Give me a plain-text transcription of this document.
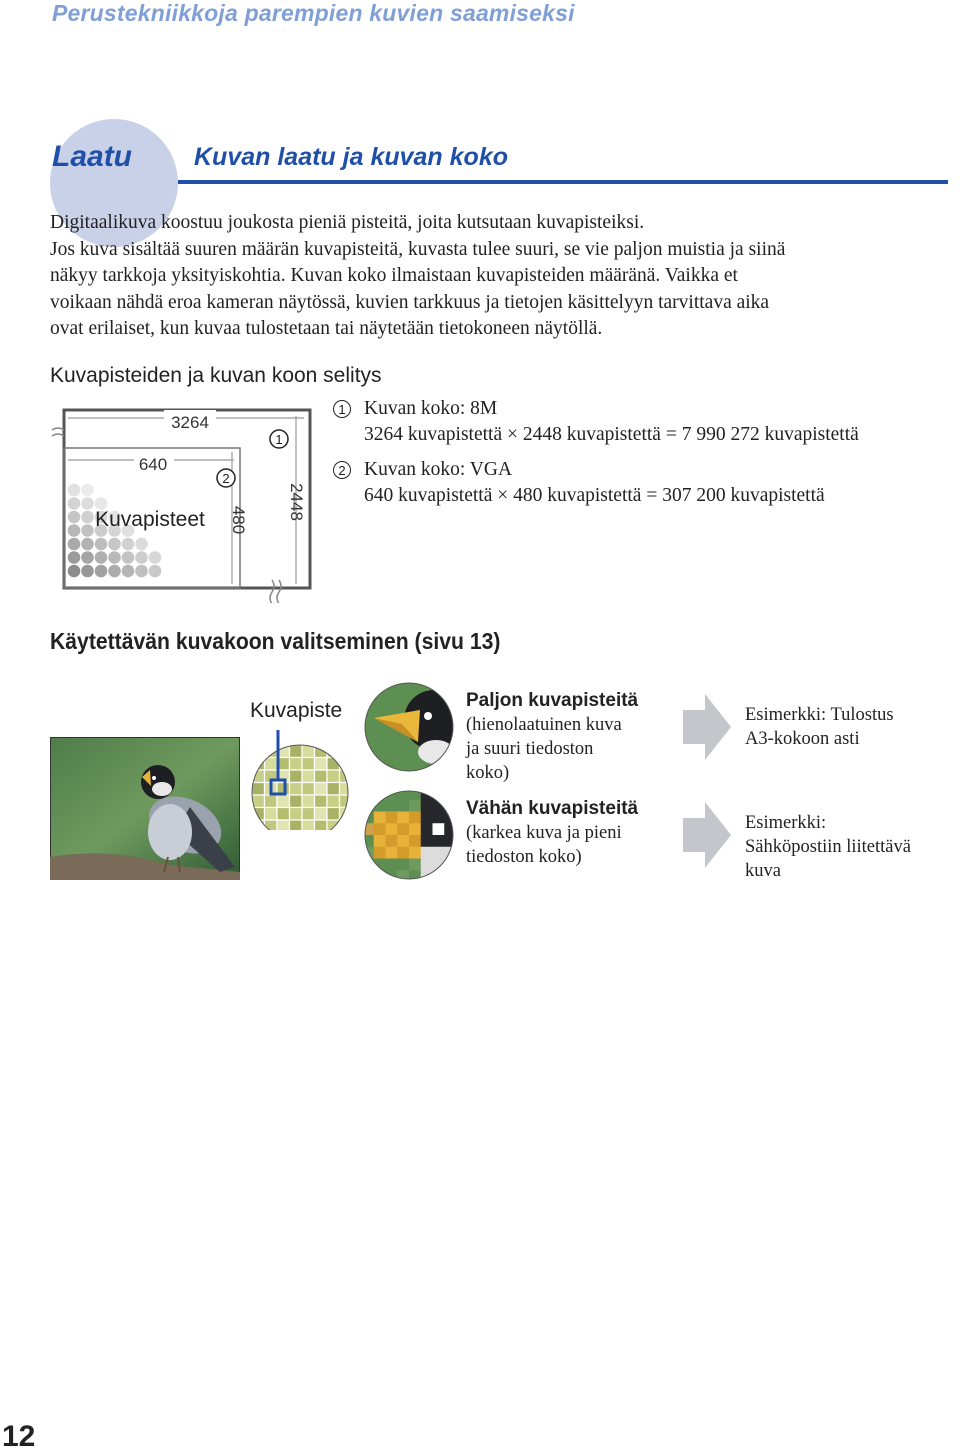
Perustekniikkoja parempien kuvien saamiseksi
Laatu Kuvan laatu ja kuvan koko

Digitaalikuva koostuu joukosta pieniä pisteitä, joita kutsutaan kuvapisteiksi.

Jos kuva sisältää suuren määrän kuvapisteitä, kuvasta tulee suuri, se vie paljon muistia ja siinä

näkyy tarkkoja yksityiskohtia. Kuvan koko ilmaistaan kuvapisteiden määränä. Vaikka et

voikaan nähdä eroa kameran näytössä, kuvien tarkkuus ja tietojen käsittelyyn tarvittava aika

ovat erilaiset, kun kuvaa tulostetaan tai näytetään tietokoneen näytöllä.

Kuvapisteiden ja kuvan koon selitys
3264
640
2448
480
Kuvapisteet
1
2
1 Kuvan koko: 8M
3264 kuvapistettä × 2448 kuvapistettä = 7 990 272 kuvapistettä
2 Kuvan koko: VGA
640 kuvapistettä × 480 kuvapistettä = 307 200 kuvapistettä
Käytettävän kuvakoon valitseminen (sivu 13)
Kuvapiste	Paljon kuvapisteitä
(hienolaatuinen kuva
ja suuri tiedoston
koko)
Vähän kuvapisteitä
(karkea kuva ja pieni
tiedoston koko)
Esimerkki: Tulostus
A3-kokoon asti
Esimerkki:
Sähköpostiin liitettävä
kuva
12
